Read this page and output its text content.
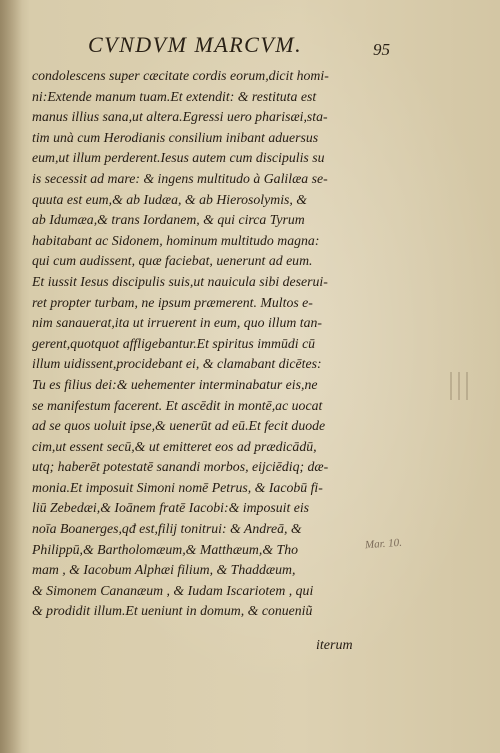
CVNDVM MARCVM.	95
condolescens super cæcitate cordis eorum,dicit homi-
ni:Extende manum tuam.Et extendit: & restituta est
manus illius sana,ut altera.Egressi uero pharisæi,sta-
tim unà cum Herodianis consilium inibant aduersus
eum,ut illum perderent.Iesus autem cum discipulis su
is secessit ad mare: & ingens multitudo à Galilæa se-
quuta est eum,& ab Iudæa, & ab Hierosolymis, &
ab Idumæa,& trans Iordanem, & qui circa Tyrum
habitabant ac Sidonem, hominum multitudo magna:
qui cum audissent, quæ faciebat, uenerunt ad eum.
Et iussit Iesus discipulis suis,ut nauicula sibi deserui-
ret propter turbam, ne ipsum præmerent. Multos e-
nim sanauerat,ita ut irruerent in eum, quo illum tan-
gerent,quotquot affligebantur.Et spiritus immūdi cū
illum uidissent,procidebant ei, & clamabant dicētes:
Tu es filius dei:& uehementer interminabatur eis,ne
se manifestum facerent. Et ascēdit in montē,ac uocat
ad se quos uoluit ipse,& uenerūt ad eū.Et fecit duode
cim,ut essent secū,& ut emitteret eos ad prædicādū,
utq; haberēt potestatē sanandi morbos, eijciēdiq; dæ-
monia.Et imposuit Simoni nomē Petrus, & Iacobū fi-
liū Zebedæi,& Ioānem fratē Iacobi:& imposuit eis
noīa Boanerges,qđ est,filij tonitrui: & Andreā, &
Philippū,& Bartholomæum,& Matthæum,& Tho
mam , & Iacobum Alphæi filium, & Thaddæum,
& Simonem Cananæum , & Iudam Iscariotem , qui
& prodidit illum.Et ueniunt in domum, & conueniũ
Mar. 10.
iterum
